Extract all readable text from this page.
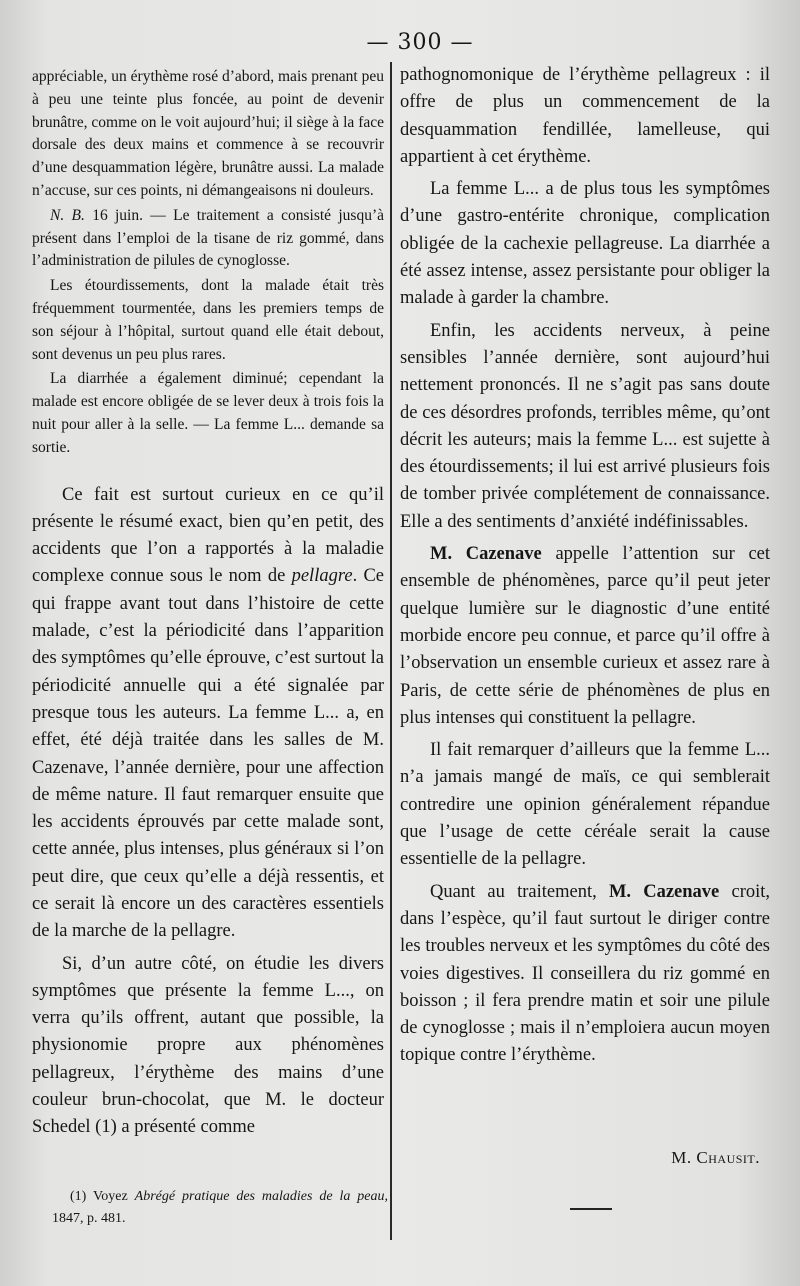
— 300 —

appréciable, un érythème rosé d’abord, mais prenant peu à peu une teinte plus foncée, au point de devenir brunâtre, comme on le voit aujourd’hui; il siège à la face dorsale des deux mains et commence à se recouvrir d’une desquammation légère, brunâtre aussi. La malade n’accuse, sur ces points, ni démangeaisons ni douleurs.

N. B. 16 juin. — Le traitement a consisté jusqu’à présent dans l’emploi de la tisane de riz gommé, dans l’administration de pilules de cynoglosse.

Les étourdissements, dont la malade était très fréquemment tourmentée, dans les premiers temps de son séjour à l’hôpital, surtout quand elle était debout, sont devenus un peu plus rares.

La diarrhée a également diminué; cependant la malade est encore obligée de se lever deux à trois fois la nuit pour aller à la selle. — La femme L... demande sa sortie.

Ce fait est surtout curieux en ce qu’il présente le résumé exact, bien qu’en petit, des accidents que l’on a rapportés à la maladie complexe connue sous le nom de pellagre. Ce qui frappe avant tout dans l’histoire de cette malade, c’est la périodicité dans l’apparition des symptômes qu’elle éprouve, c’est surtout la périodicité annuelle qui a été signalée par presque tous les auteurs. La femme L... a, en effet, été déjà traitée dans les salles de M. Cazenave, l’année dernière, pour une affection de même nature. Il faut remarquer ensuite que les accidents éprouvés par cette malade sont, cette année, plus intenses, plus généraux si l’on peut dire, que ceux qu’elle a déjà ressentis, et ce serait là encore un des caractères essentiels de la marche de la pellagre.

Si, d’un autre côté, on étudie les divers symptômes que présente la femme L..., on verra qu’ils offrent, autant que possible, la physionomie propre aux phénomènes pellagreux, l’érythème des mains d’une couleur brun-chocolat, que M. le docteur Schedel (1) a présenté comme

(1) Voyez Abrégé pratique des maladies de la peau, 1847, p. 481.

pathognomonique de l’érythème pellagreux : il offre de plus un commencement de la desquammation fendillée, lamelleuse, qui appartient à cet érythème.

La femme L... a de plus tous les symptômes d’une gastro-entérite chronique, complication obligée de la cachexie pellagreuse. La diarrhée a été assez intense, assez persistante pour obliger la malade à garder la chambre.

Enfin, les accidents nerveux, à peine sensibles l’année dernière, sont aujourd’hui nettement prononcés. Il ne s’agit pas sans doute de ces désordres profonds, terribles même, qu’ont décrit les auteurs; mais la femme L... est sujette à des étourdissements; il lui est arrivé plusieurs fois de tomber privée complétement de connaissance. Elle a des sentiments d’anxiété indéfinissables.

M. Cazenave appelle l’attention sur cet ensemble de phénomènes, parce qu’il peut jeter quelque lumière sur le diagnostic d’une entité morbide encore peu connue, et parce qu’il offre à l’observation un ensemble curieux et assez rare à Paris, de cette série de phénomènes de plus en plus intenses qui constituent la pellagre.

Il fait remarquer d’ailleurs que la femme L... n’a jamais mangé de maïs, ce qui semblerait contredire une opinion généralement répandue que l’usage de cette céréale serait la cause essentielle de la pellagre.

Quant au traitement, M. Cazenave croit, dans l’espèce, qu’il faut surtout le diriger contre les troubles nerveux et les symptômes du côté des voies digestives. Il conseillera du riz gommé en boisson ; il fera prendre matin et soir une pilule de cynoglosse ; mais il n’emploiera aucun moyen topique contre l’érythème.

M. Chausit.
